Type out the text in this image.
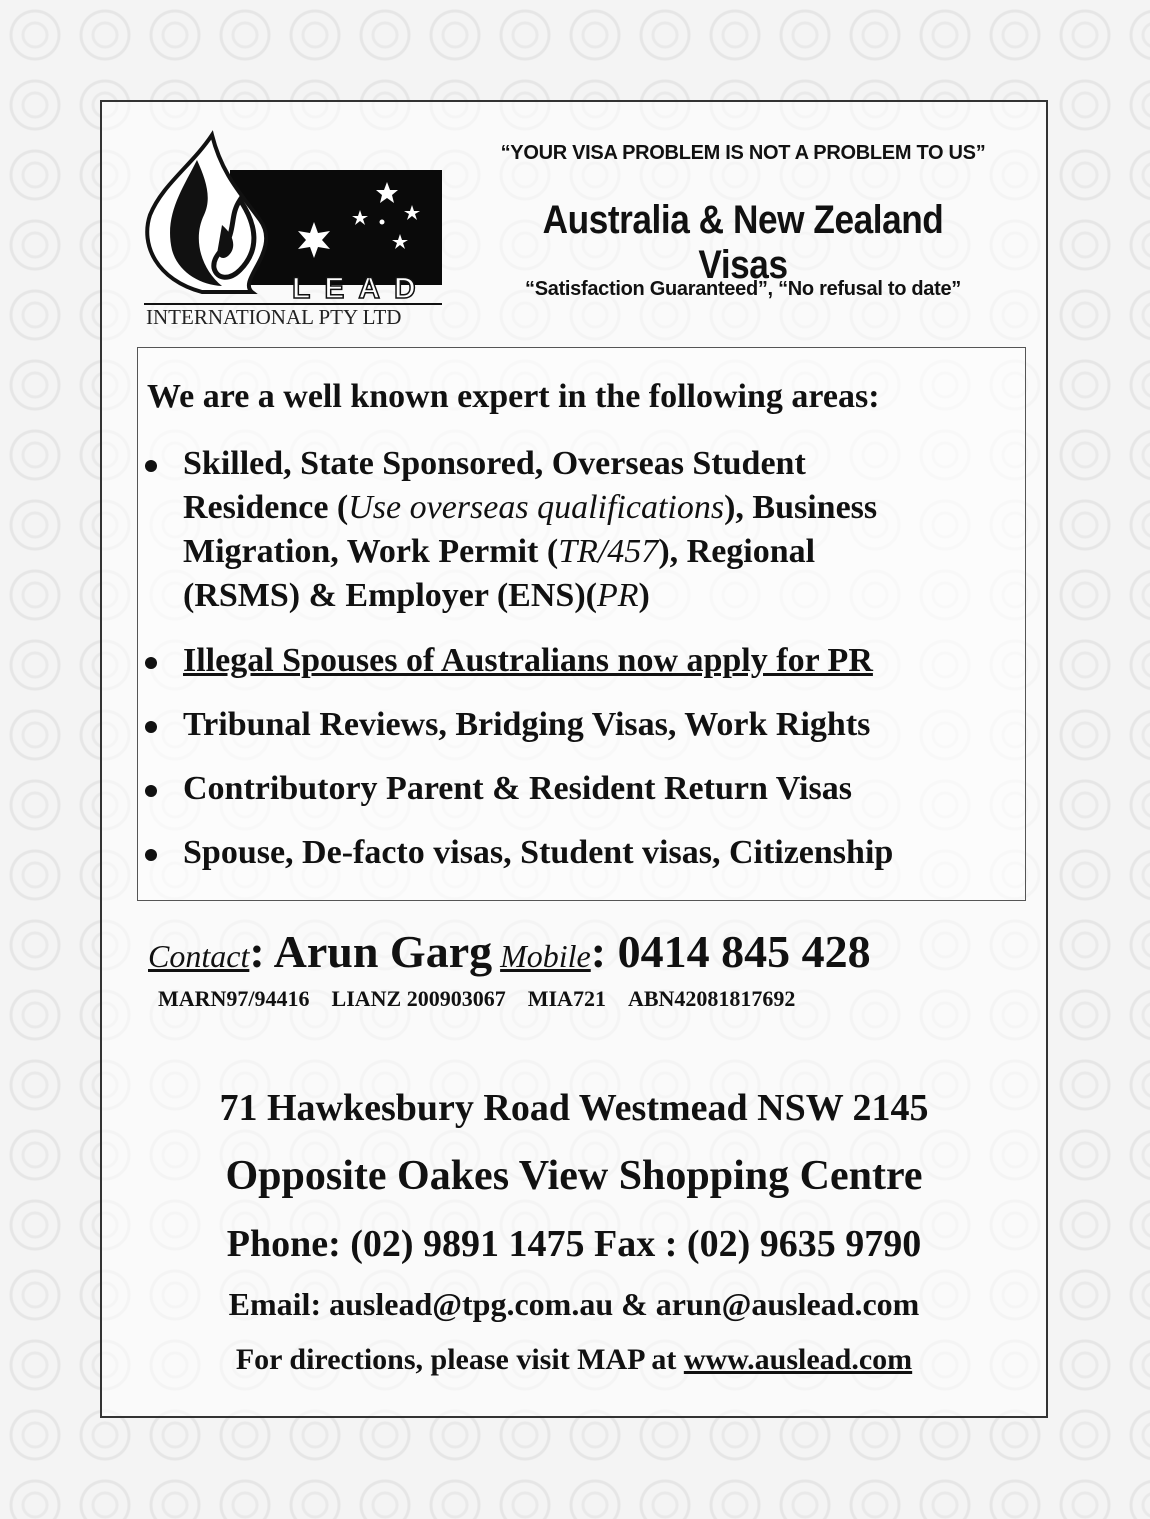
LEAD
INTERNATIONAL PTY LTD
“YOUR VISA PROBLEM IS NOT A PROBLEM TO US”
Australia & New Zealand Visas
“Satisfaction Guaranteed”, “No refusal to date”
We are a well known expert in the following areas:
Skilled, State Sponsored, Overseas Student
Residence (Use overseas qualifications), Business
Migration, Work Permit (TR/457), Regional
(RSMS) & Employer (ENS)(PR)
Illegal Spouses of Australians now apply for PR
Tribunal Reviews, Bridging Visas, Work Rights
Contributory Parent & Resident Return Visas
Spouse, De-facto visas, Student visas, Citizenship
Contact: Arun Garg Mobile: 0414 845 428
MARN97/94416 LIANZ 200903067 MIA721 ABN42081817692
71 Hawkesbury Road Westmead NSW 2145
Opposite Oakes View Shopping Centre
Phone: (02) 9891 1475 Fax : (02) 9635 9790
Email: auslead@tpg.com.au & arun@auslead.com
For directions, please visit MAP at www.auslead.com
